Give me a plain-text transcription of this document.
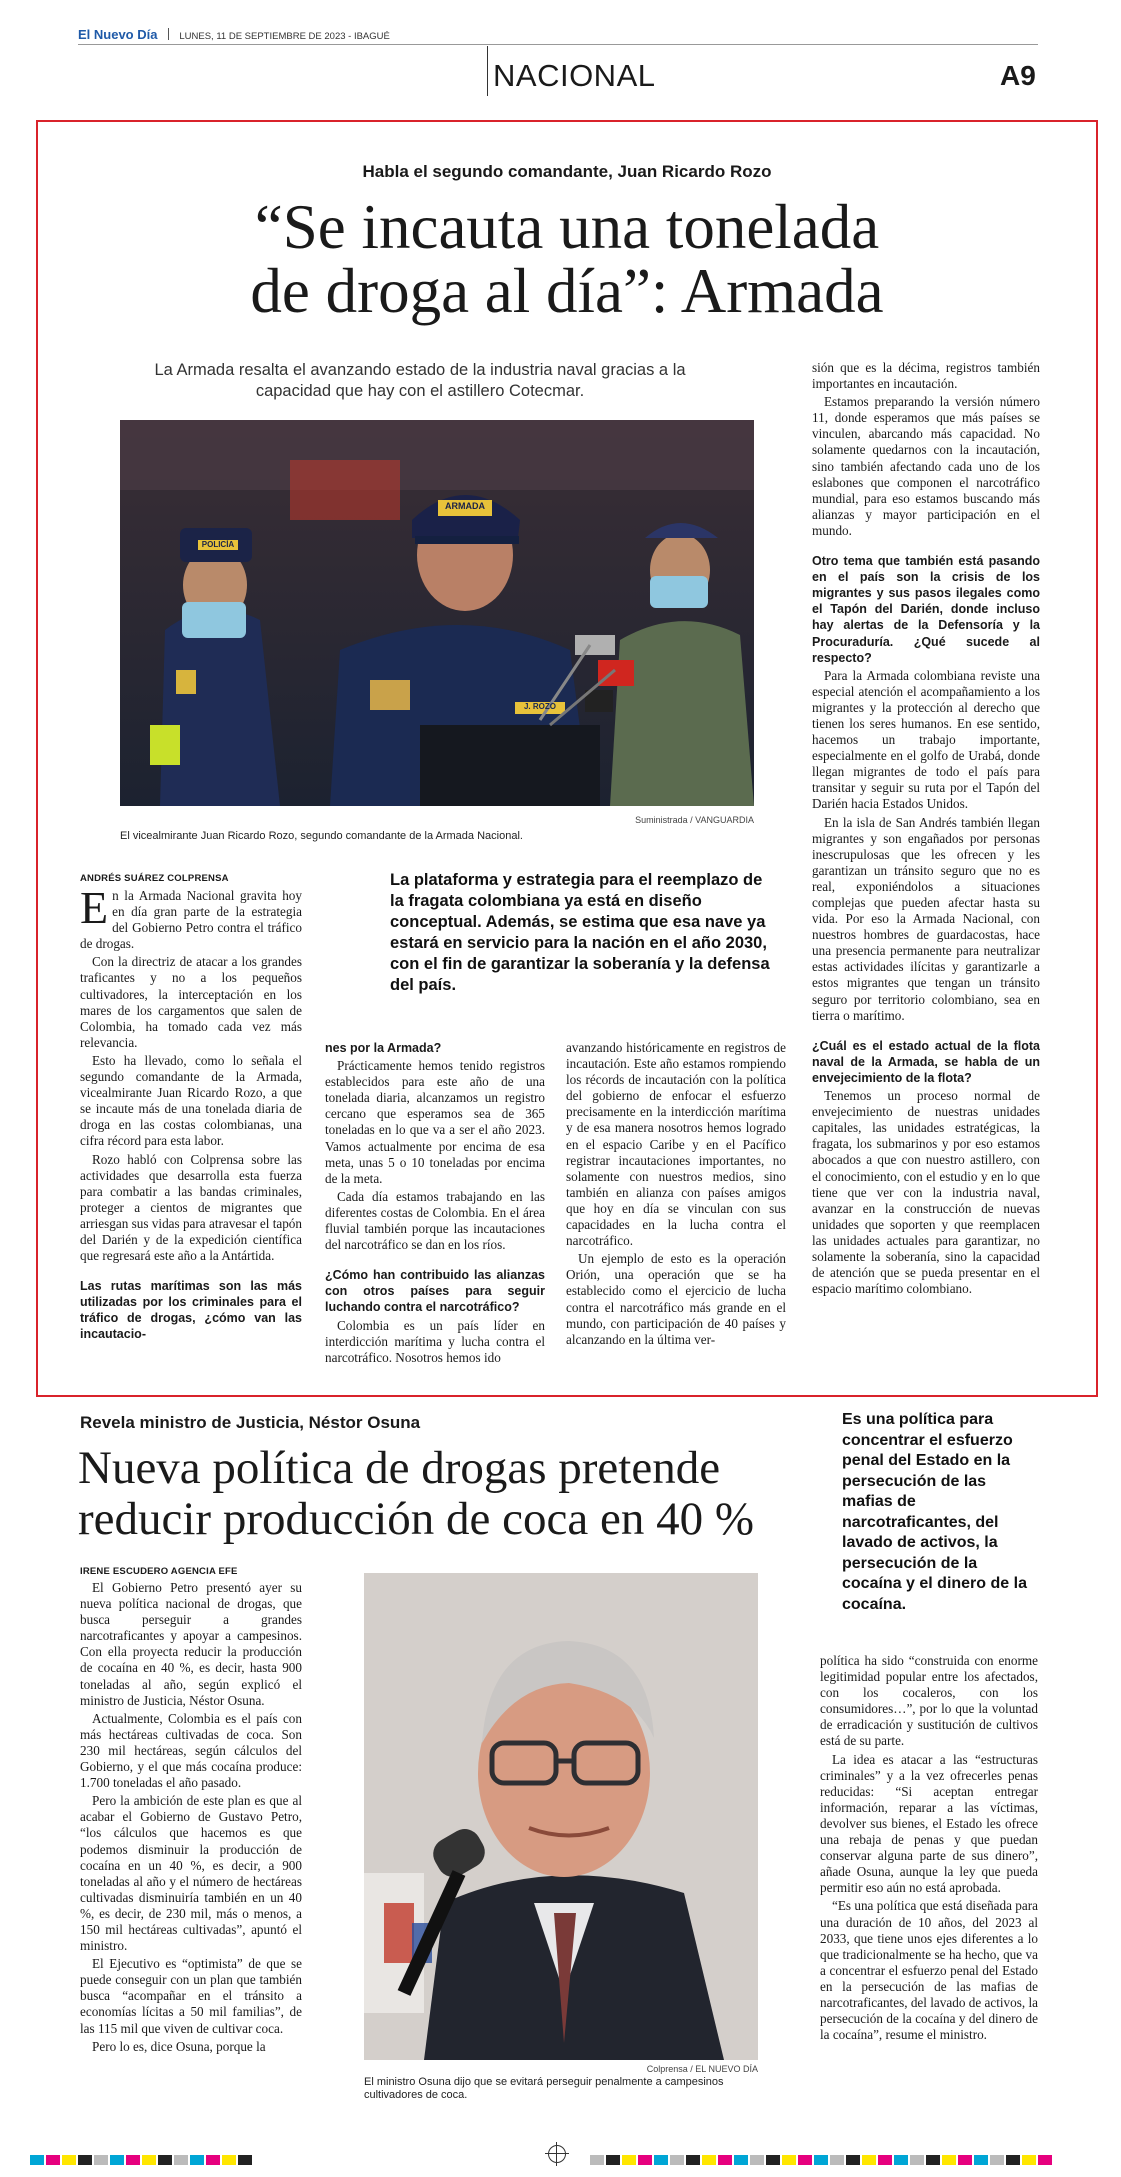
El Nuevo Día LUNES, 11 DE SEPTIEMBRE DE 2023 - IBAGUÉ
NACIONAL	A9
Habla el segundo comandante, Juan Ricardo Rozo
“Se incauta una tonelada
de droga al día”: Armada
La Armada resalta el avanzando estado de la industria naval gracias a la
capacidad que hay con el astillero Cotecmar.
ARMADA
POLICÍA
J. ROZO
Suministrada / VANGUARDIA
El vicealmirante Juan Ricardo Rozo, segundo comandante de la Armada Nacional.
ANDRÉS SUÁREZ COLPRENSA	La plataforma y estrategia para el reemplazo de la fragata colombiana ya está en diseño conceptual. Además, se estima que esa nave ya estará en servicio para la nación en el año 2030, con el fin de garantizar la soberanía y la defensa del país.

En la Armada Nacional gravita hoy en día gran parte de la estrategia del Gobierno Petro contra el tráfico de drogas.

Con la directriz de atacar a los grandes traficantes y no a los pequeños cultivadores, la interceptación en los mares de los cargamentos que salen de Colombia, ha tomado cada vez más relevancia.

Esto ha llevado, como lo señala el segundo comandante de la Armada, vicealmirante Juan Ricardo Rozo, a que se incaute más de una tonelada diaria de droga en las costas colombianas, una cifra récord para esta labor.

Rozo habló con Colprensa sobre las actividades que desarrolla esta fuerza para combatir a las bandas criminales, proteger a cientos de migrantes que arriesgan sus vidas para atravesar el tapón del Darién y de la expedición científica que regresará este año a la Antártida.

Las rutas marítimas son las más utilizadas por los criminales para el tráfico de drogas, ¿cómo van las incautacio-

nes por la Armada?

Prácticamente hemos tenido registros establecidos para este año de una tonelada diaria, alcanzamos un registro cercano que esperamos sea de 365 toneladas en lo que va a ser el año 2023. Vamos actualmente por encima de esa meta, unas 5 o 10 toneladas por encima de la meta.

Cada día estamos trabajando en las diferentes costas de Colombia. En el área fluvial también porque las incautaciones del narcotráfico se dan en los ríos.

¿Cómo han contribuido las alianzas con otros países para seguir luchando contra el narcotráfico?

Colombia es un país líder en interdicción marítima y lucha contra el narcotráfico. Nosotros hemos ido

avanzando históricamente en registros de incautación. Este año estamos rompiendo los récords de incautación con la política del gobierno de enfocar el esfuerzo precisamente en la interdicción marítima y de esa manera nosotros hemos logrado en el espacio Caribe y en el Pacífico registrar incautaciones importantes, no solamente con nuestros medios, sino también en alianza con países amigos que hoy en día se vinculan con sus capacidades en la lucha contra el narcotráfico.

Un ejemplo de esto es la operación Orión, una operación que se ha establecido como el ejercicio de lucha contra el narcotráfico más grande en el mundo, con participación de 40 países y alcanzando en la última ver-

sión que es la décima, registros también importantes en incautación.

Estamos preparando la versión número 11, donde esperamos que más países se vinculen, abarcando más capacidad. No solamente quedarnos con la incautación, sino también afectando cada uno de los eslabones que componen el narcotráfico mundial, para eso estamos buscando más alianzas y mayor participación en el mundo.

Otro tema que también está pasando en el país son la crisis de los migrantes y sus pasos ilegales como el Tapón del Darién, donde incluso hay alertas de la Defensoría y la Procuraduría. ¿Qué sucede al respecto?

Para la Armada colombiana reviste una especial atención el acompañamiento a los migrantes y la protección al derecho que tienen los seres humanos. En ese sentido, hacemos un trabajo importante, especialmente en el golfo de Urabá, donde llegan migrantes de todo el país para transitar y seguir su ruta por el Tapón del Darién hacia Estados Unidos.

En la isla de San Andrés también llegan migrantes y son engañados por personas inescrupulosas que les ofrecen y les garantizan un tránsito seguro que no es real, exponiéndolos a situaciones complejas que pueden afectar hasta su vida. Por eso la Armada Nacional, con nuestros hombres de guardacostas, hace una presencia permanente para neutralizar estas actividades ilícitas y garantizarle a estos migrantes que tengan un tránsito seguro por territorio colombiano, sea en tierra o marítimo.

¿Cuál es el estado actual de la flota naval de la Armada, se habla de un envejecimiento de la flota?

Tenemos un proceso normal de envejecimiento de nuestras unidades capitales, las unidades estratégicas, la fragata, los submarinos y por eso estamos abocados a que con nuestro astillero, con el conocimiento, con el estudio y en lo que tiene que ver con la industria naval, avanzar en la construcción de nuevas unidades que soporten y que reemplacen las unidades actuales para garantizar, no solamente la soberanía, sino la capacidad de atención que se pueda presentar en el espacio marítimo colombiano.

Revela ministro de Justicia, Néstor Osuna
Nueva política de drogas pretende
reducir producción de coca en 40 %
Es una política para concentrar el esfuerzo penal del Estado en la persecución de las mafias de narcotraficantes, del lavado de activos, la persecución de la cocaína y el dinero de la cocaína.
IRENE ESCUDERO AGENCIA EFE

El Gobierno Petro presentó ayer su nueva política nacional de drogas, que busca perseguir a grandes narcotraficantes y apoyar a campesinos. Con ella proyecta reducir la producción de cocaína en 40 %, es decir, hasta 900 toneladas al año, según explicó el ministro de Justicia, Néstor Osuna.

Actualmente, Colombia es el país con más hectáreas cultivadas de coca. Son 230 mil hectáreas, según cálculos del Gobierno, y el que más cocaína produce: 1.700 toneladas el año pasado.

Pero la ambición de este plan es que al acabar el Gobierno de Gustavo Petro, “los cálculos que hacemos es que podemos disminuir la producción de cocaína en un 40 %, es decir, a 900 toneladas al año y el número de hectáreas cultivadas disminuiría también en un 40 %, es decir, de 230 mil, más o menos, a 150 mil hectáreas cultivadas”, apuntó el ministro.

El Ejecutivo es “optimista” de que se puede conseguir con un plan que también busca “acompañar en el tránsito a economías lícitas a 50 mil familias”, de las 115 mil que viven de cultivar coca.

Pero lo es, dice Osuna, porque la

Colprensa / EL NUEVO DÍA
El ministro Osuna dijo que se evitará perseguir penalmente a campesinos cultivadores de coca.

política ha sido “construida con enorme legitimidad popular entre los afectados, con los cocaleros, con los consumidores…”, por lo que la voluntad de erradicación y sustitución de cultivos está de su parte.

La idea es atacar a las “estructuras criminales” y a la vez ofrecerles penas reducidas: “Si aceptan entregar información, reparar a las víctimas, devolver sus bienes, el Estado les ofrece una rebaja de penas y que puedan conservar alguna parte de sus dinero”, añade Osuna, aunque la ley que pueda permitir eso aún no está aprobada.

“Es una política que está diseñada para una duración de 10 años, del 2023 al 2033, que tiene unos ejes diferentes a lo que tradicionalmente se ha hecho, que va a concentrar el esfuerzo penal del Estado en la persecución de las mafias de narcotraficantes, del lavado de activos, la persecución de la cocaína y del dinero de la cocaína”, resume el ministro.
